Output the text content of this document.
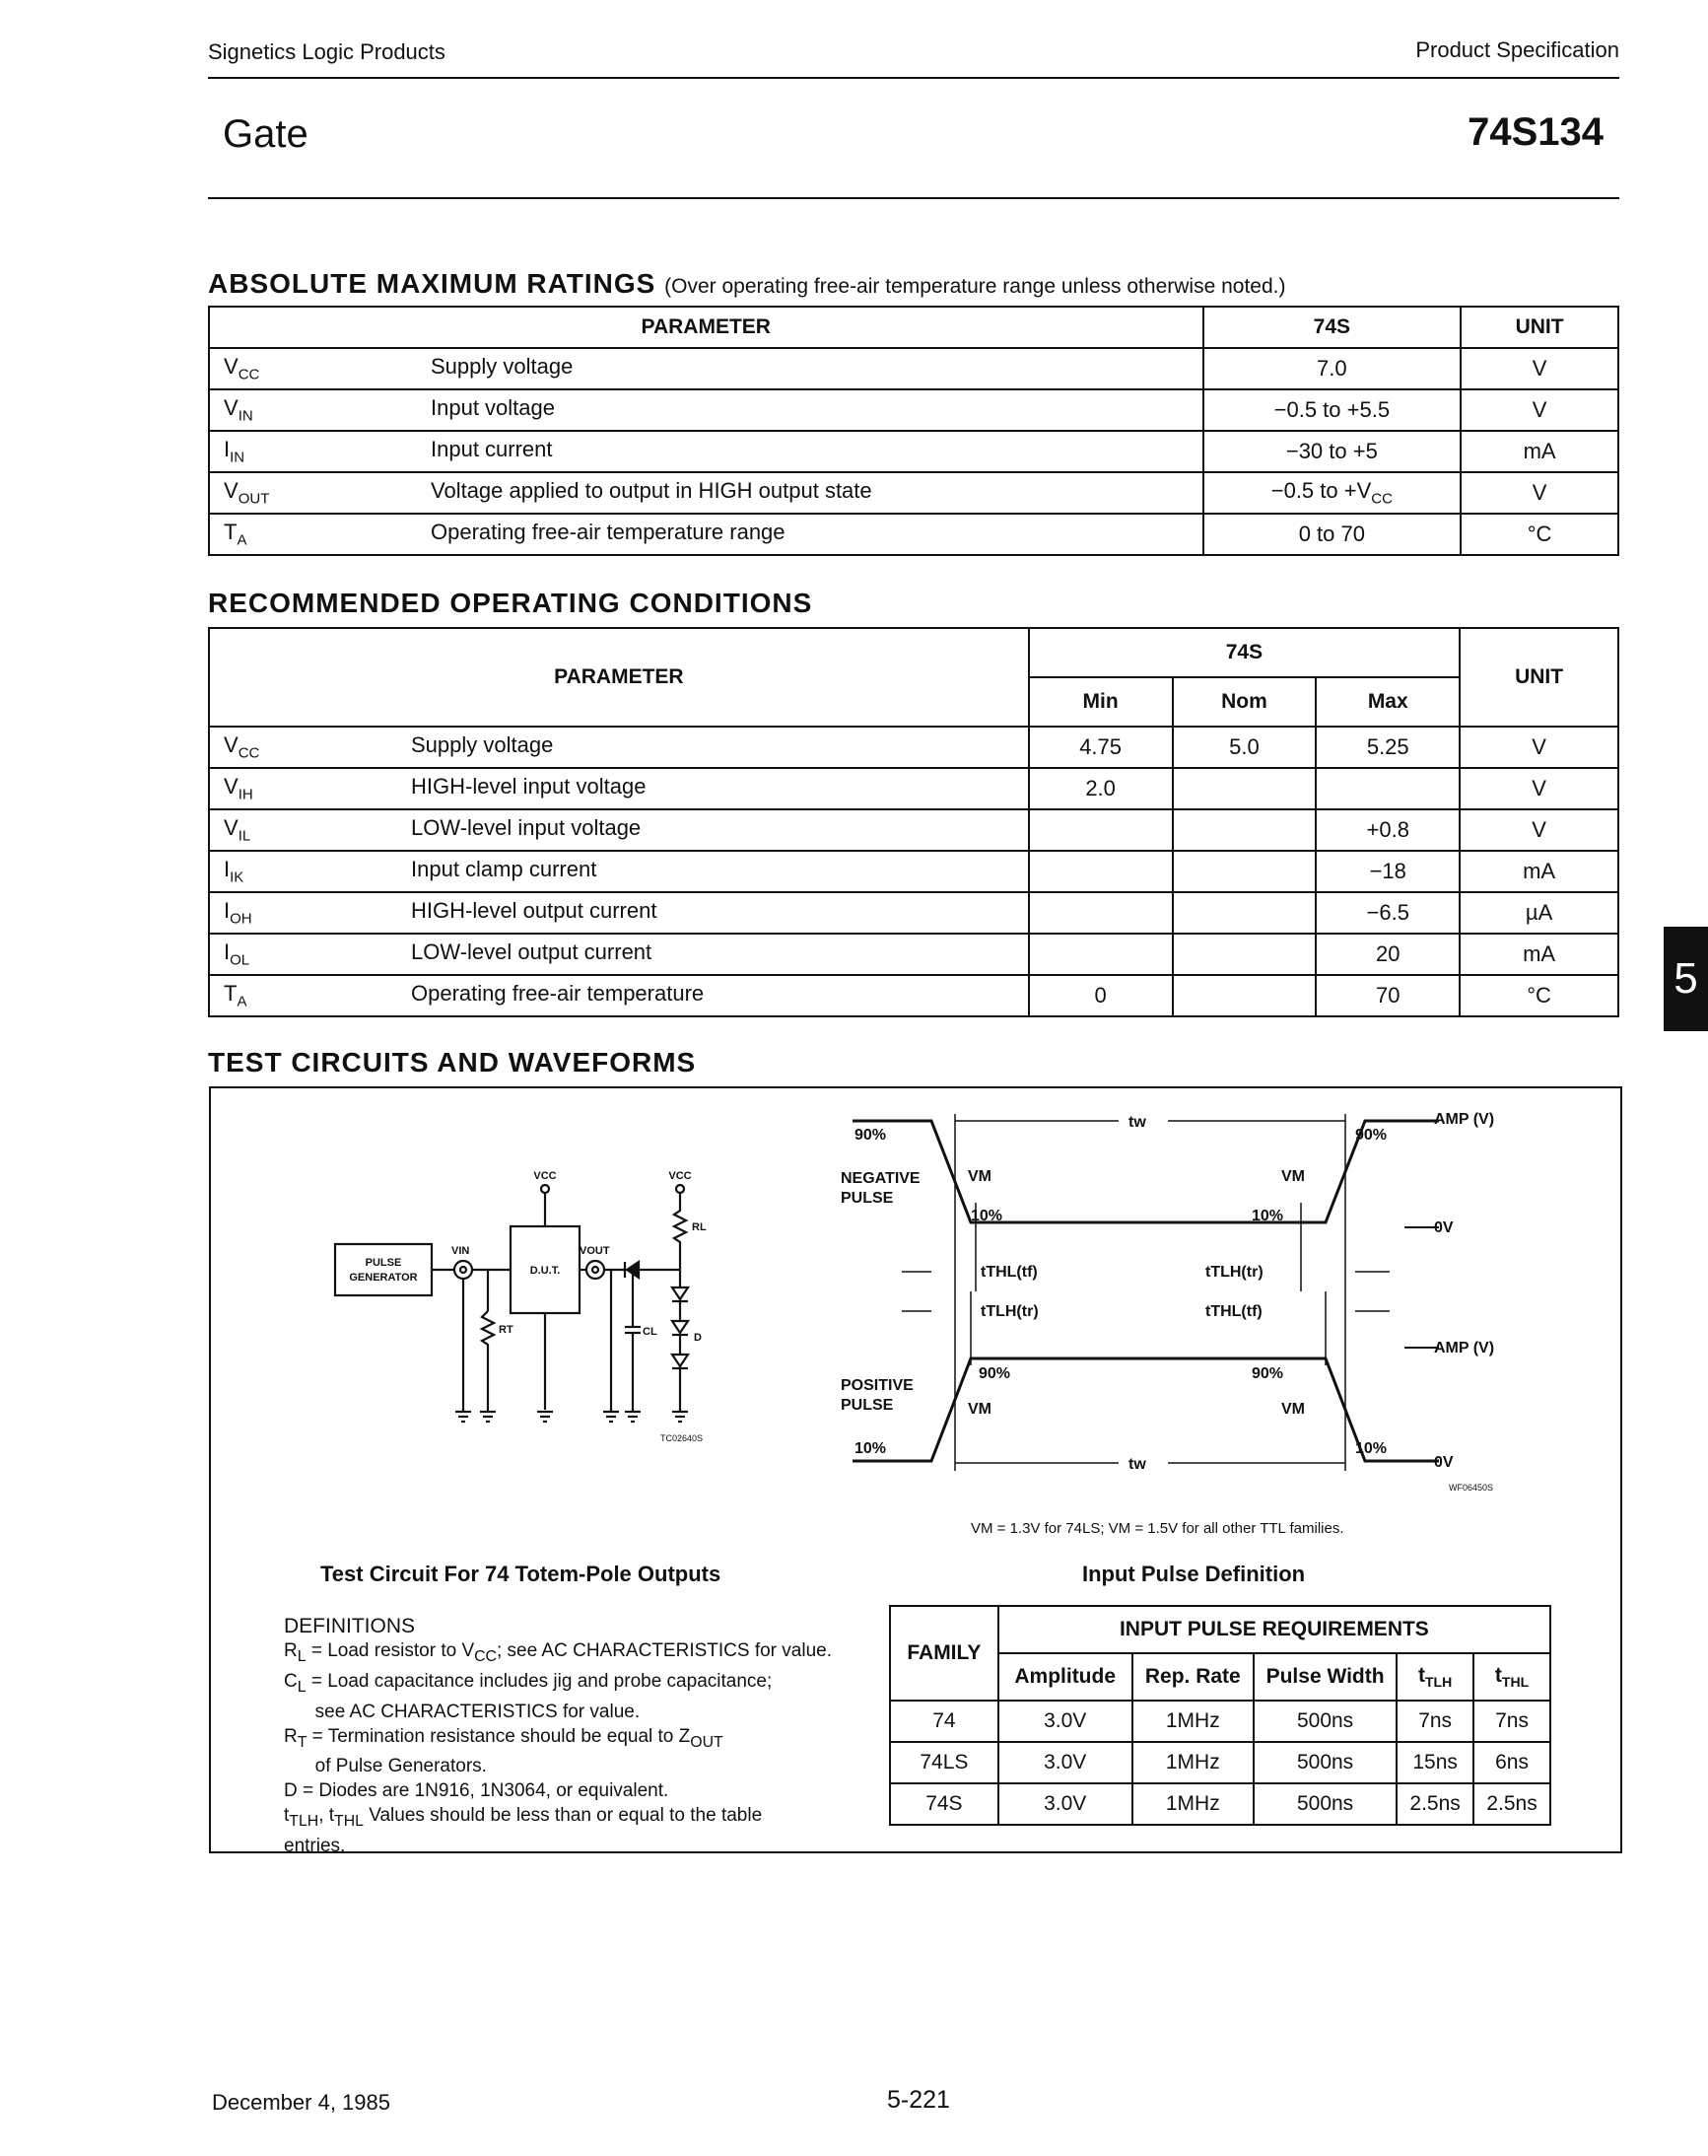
Signetics Logic Products	Product Specification
Gate	74S134
5
ABSOLUTE MAXIMUM RATINGS (Over operating free-air temperature range unless otherwise noted.)
PARAMETER	74S	UNIT
$V_{CC}$ Supply voltage	7.0	V
$V_{IN}$ Input voltage	−0.5 to +5.5	V
$I_{IN}$ Input current	−30 to +5	mA
$V_{OUT}$ Voltage applied to output in HIGH output state	−0.5 to $+V_{CC}$	V
$T_A$ Operating free-air temperature range	0 to 70	°C
RECOMMENDED OPERATING CONDITIONS
PARAMETER	74S			UNIT
	Min	Nom	Max	
$V_{CC}$ Supply voltage	4.75	5.0	5.25	V
$V_{IH}$ HIGH-level input voltage	2.0			V
$V_{IL}$ LOW-level input voltage			+0.8	V
$I_{IK}$ Input clamp current			−18	mA
$I_{OH}$ HIGH-level output current			−6.5	µA
$I_{OL}$ LOW-level output current			20	mA
$T_A$ Operating free-air temperature	0		70	°C
TEST CIRCUITS AND WAVEFORMS
PULSE
GENERATOR
D.U.T.
VCC	VCC
RL
VIN	VOUT
RT	CL	D
TC02640S
tw
tw
90%	90%
10%	10%
VM	VM
NEGATIVE
PULSE
POSITIVE
PULSE
90%	90%
10%	10%
VM	VM
AMP (V)
0V
AMP (V)
0V
tTHL(tf)	tTLH(tr)
tTLH(tr)	tTHL(tf)
WF06450S
VM = 1.3V for 74LS; VM = 1.5V for all other TTL families.
Test Circuit For 74 Totem-Pole Outputs	Input Pulse Definition
DEFINITIONS
$R_L$ = Load resistor to $V_{CC}$; see AC CHARACTERISTICS for value.
$C_L$ = Load capacitance includes jig and probe capacitance;
see AC CHARACTERISTICS for value.
$R_T$ = Termination resistance should be equal to $Z_{OUT}$
of Pulse Generators.
D = Diodes are 1N916, 1N3064, or equivalent.
$t_{TLH}$, $t_{THL}$ Values should be less than or equal to the table
entries.
FAMILY	INPUT PULSE REQUIREMENTS				
	Amplitude	Rep. Rate	Pulse Width	$t_{TLH}$	$t_{THL}$
74	3.0V	1MHz	500ns	7ns	7ns
74LS	3.0V	1MHz	500ns	15ns	6ns
74S	3.0V	1MHz	500ns	2.5ns	2.5ns
December 4, 1985	5-221
